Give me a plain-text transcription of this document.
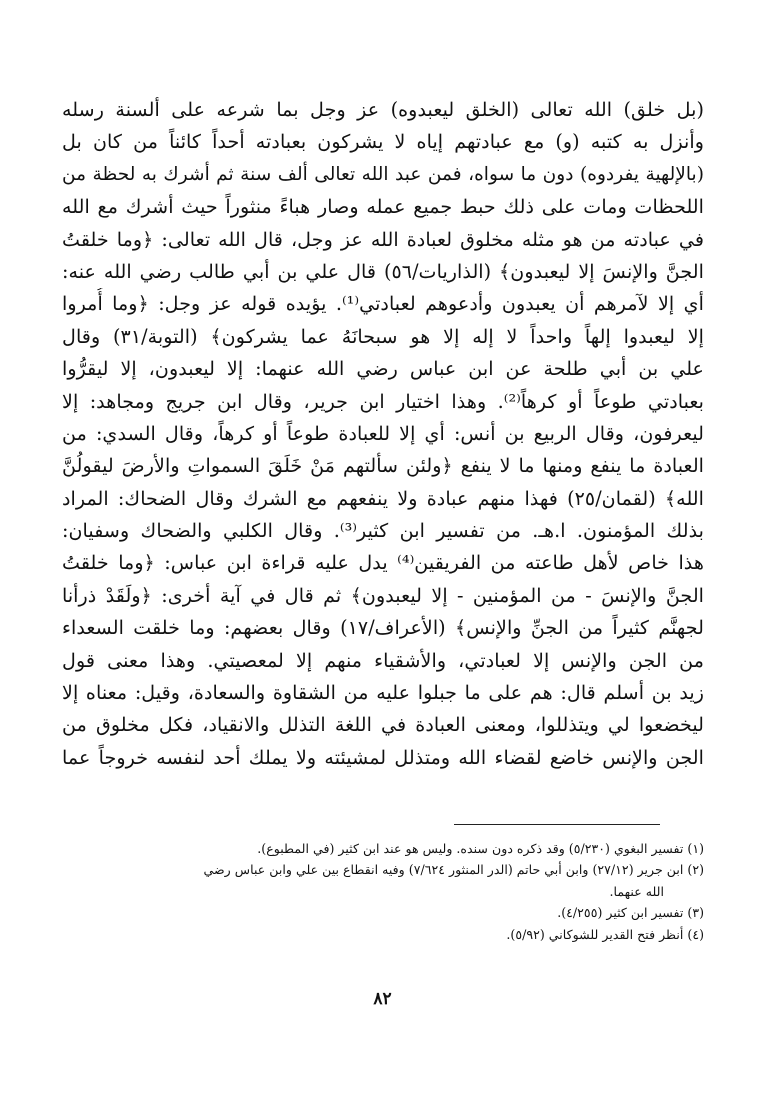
(بل خلق) الله تعالى (الخلق ليعبدوه) عز وجل بما شرعه على ألسنة رسله
وأنزل به كتبه (و) مع عبادتهم إياه لا يشركون بعبادته أحداً كائناً من كان بل
(بالإلهية يفردوه) دون ما سواه، فمن عبد الله تعالى ألف سنة ثم أشرك به لحظة من
اللحظات ومات على ذلك حبط جميع عمله وصار هباءً منثوراً حيث أشرك مع الله
في عبادته من هو مثله مخلوق لعبادة الله عز وجل، قال الله تعالى: ﴿وما خلقتُ
الجنَّ والإنسَ إلا ليعبدون﴾ (الذاريات/٥٦) قال علي بن أبي طالب رضي الله عنه:
أي إلا لآمرهم أن يعبدون وأدعوهم لعبادتي⁽¹⁾. يؤيده قوله عز وجل: ﴿وما أُمروا
إلا ليعبدوا إلهاً واحداً لا إله إلا هو سبحانَهُ عما يشركون﴾ (التوبة/٣١) وقال
علي بن أبي طلحة عن ابن عباس رضي الله عنهما: إلا ليعبدون، إلا ليقرُّوا
بعبادتي طوعاً أو كرهاً⁽²⁾. وهذا اختيار ابن جرير، وقال ابن جريج ومجاهد: إلا
ليعرفون، وقال الربيع بن أنس: أي إلا للعبادة طوعاً أو كرهاً، وقال السدي: من
العبادة ما ينفع ومنها ما لا ينفع ﴿ولئن سألتهم مَنْ خَلَقَ السمواتِ والأرضَ ليقولُنَّ
الله﴾ (لقمان/٢٥) فهذا منهم عبادة ولا ينفعهم مع الشرك وقال الضحاك: المراد
بذلك المؤمنون. ا.هـ. من تفسير ابن كثير⁽³⁾. وقال الكلبي والضحاك وسفيان:
هذا خاص لأهل طاعته من الفريقين⁽⁴⁾ يدل عليه قراءة ابن عباس: ﴿وما خلقتُ
الجنَّ والإنسَ - من المؤمنين - إلا ليعبدون﴾ ثم قال في آية أخرى: ﴿ولَقَدْ ذرأنا
لجهنَّم كثيراً من الجنِّ والإنس﴾ (الأعراف/١٧) وقال بعضهم: وما خلقت السعداء
من الجن والإنس إلا لعبادتي، والأشقياء منهم إلا لمعصيتي. وهذا معنى قول
زيد بن أسلم قال: هم على ما جبلوا عليه من الشقاوة والسعادة، وقيل: معناه إلا
ليخضعوا لي ويتذللوا، ومعنى العبادة في اللغة التذلل والانقياد، فكل مخلوق من
الجن والإنس خاضع لقضاء الله ومتذلل لمشيئته ولا يملك أحد لنفسه خروجاً عما
(١) تفسير البغوي (٥/٢٣٠) وقد ذكره دون سنده. وليس هو عند ابن كثير (في المطبوع).
(٢) ابن جرير (٢٧/١٢) وابن أبي حاتم (الدر المنثور ٧/٦٢٤) وفيه انقطاع بين علي وابن عباس رضي
الله عنهما.
(٣) تفسير ابن كثير (٤/٢٥٥).
(٤) أنظر فتح القدير للشوكاني (٥/٩٢).
٨٢
